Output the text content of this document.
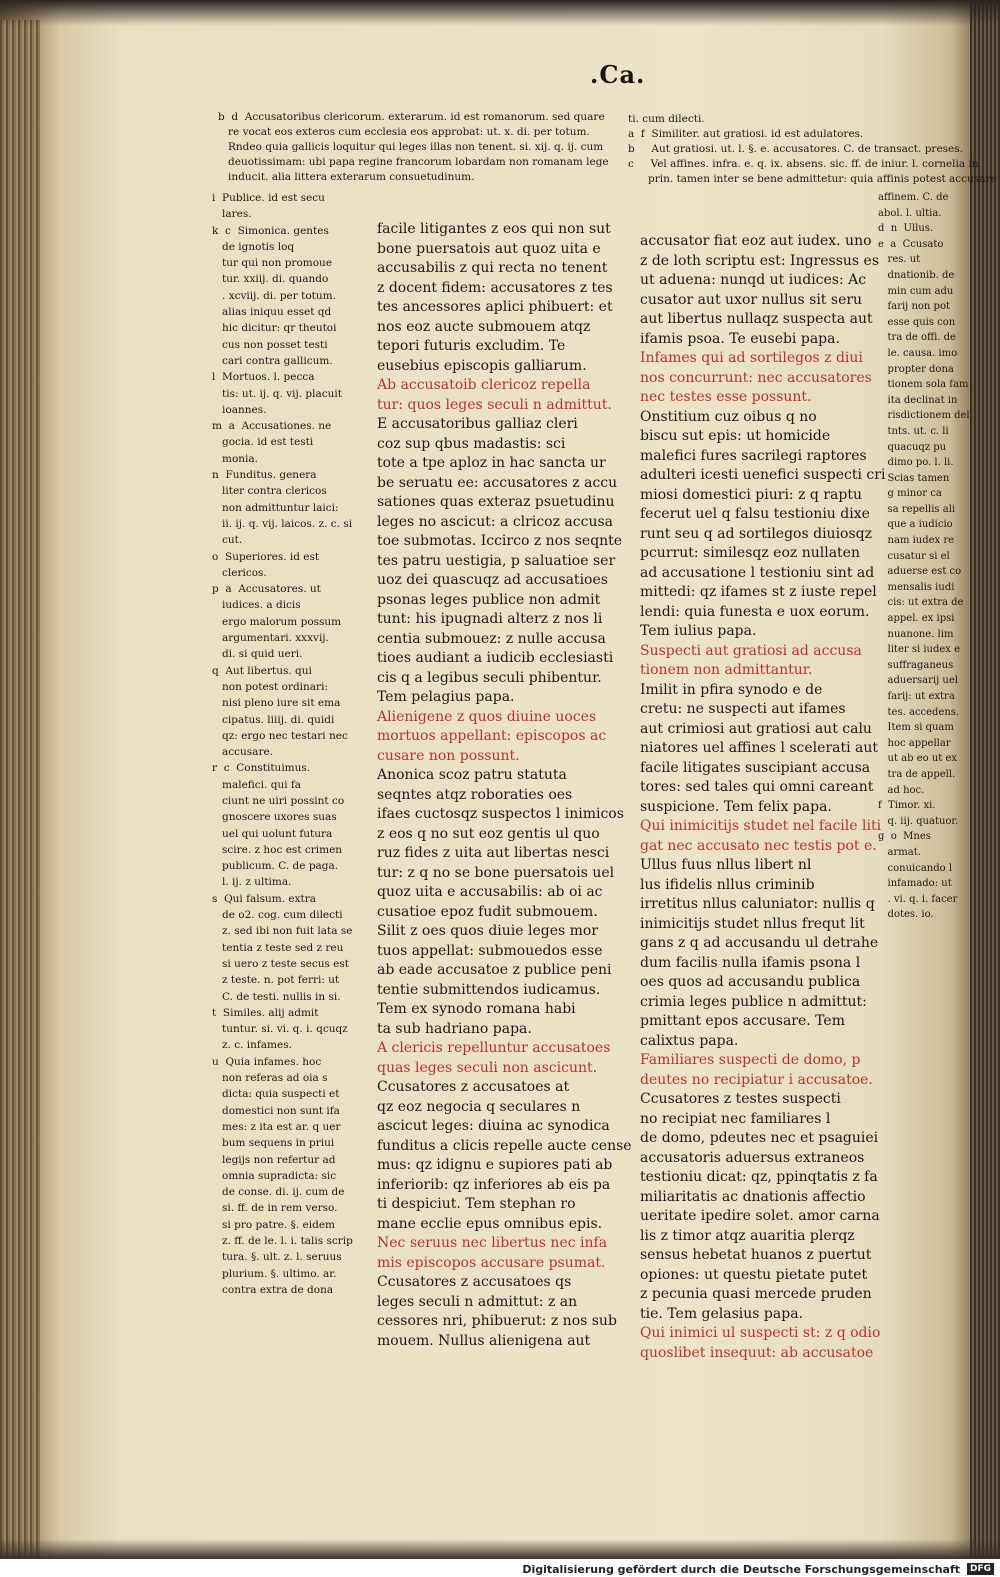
.Ca.
b  d  Accusatoribus clericorum. exterarum. id est romanorum. sed quare
re vocat eos exteros cum ecclesia eos approbat: ut. x. di. per totum.
Rndeo quia gallicis loquitur qui leges illas non tenent. si. xij. q. ij. cum
deuotissimam: ubi papa regine francorum lobardam non romanam lege
inducit. alia littera exterarum consuetudinum.
ti. cum dilecti.
a  f  Similiter. aut gratiosi. id est adulatores.
b     Aut gratiosi. ut. l. §. e. accusatores. C. de transact. preses.
c     Vel affines. infra. e. q. ix. absens. sic. ff. de iniur. l. cornelia in
prin. tamen inter se bene admittetur: quia affinis potest accusare
i  Publice. id est secu
lares.
k  c  Simonica. gentes
de ignotis loq
tur qui non promoue
tur. xxiij. di. quando
. xcviij. di. per totum.
alias iniquu esset qd
hic dicitur: qr theutoi
cus non posset testi
cari contra gallicum.
l  Mortuos. l. pecca
tis: ut. ij. q. vij. placuit
ioannes.
m  a  Accusationes. ne
gocia. id est testi
monia.
n  Funditus. genera
liter contra clericos
non admittuntur laici:
ii. ij. q. vij. laicos. z. c. si
cut.
o  Superiores. id est
clericos.
p  a  Accusatores. ut
iudices. a dicis
ergo malorum possum
argumentari. xxxvij.
di. si quid ueri.
q  Aut libertus. qui
non potest ordinari:
nisi pleno iure sit ema
cipatus. liiij. di. quidi
qz: ergo nec testari nec
accusare.
r  c  Constituimus.
malefici. qui fa
ciunt ne uiri possint co
gnoscere uxores suas
uel qui uolunt futura
scire. z hoc est crimen
publicum. C. de paga.
l. ij. z ultima.
s  Qui falsum. extra
de o2. cog. cum dilecti
z. sed ibi non fuit lata se
tentia z teste sed z reu
si uero z teste secus est
z teste. n. pot ferri: ut
C. de testi. nullis in si.
t  Similes. alij admit
tuntur. si. vi. q. i. qcuqz
z. c. infames.
u  Quia infames. hoc
non referas ad oia s
dicta: quia suspecti et
domestici non sunt ifa
mes: z ita est ar. q uer
bum sequens in priui
legijs non refertur ad
omnia supradicta: sic
de conse. di. ij. cum de
si. ff. de in rem verso.
si pro patre. §. eidem
z. ff. de le. l. i. talis scrip
tura. §. ult. z. l. seruus
plurium. §. ultimo. ar.
contra extra de dona
facile litigantes z eos qui non sut
bone puersatois aut quoz uita e
accusabilis z qui recta no tenent
z docent fidem: accusatores z tes
tes ancessores aplici phibuert: et
nos eoz aucte submouem atqz
tepori futuris excludim. Te
eusebius episcopis galliarum.
Ab accusatoib clericoz repella
tur: quos leges seculi n admittut.
E accusatoribus galliaz cleri
coz sup qbus madastis: sci
tote a tpe aploz in hac sancta ur
be seruatu ee: accusatores z accu
sationes quas exteraz psuetudinu
leges no ascicut: a clricoz accusa
toe submotas. Iccirco z nos seqnte
tes patru uestigia, p saluatioe ser
uoz dei quascuqz ad accusatioes
psonas leges publice non admit
tunt: his ipugnadi alterz z nos li
centia submouez: z nulle accusa
tioes audiant a iudicib ecclesiasti
cis q a legibus seculi phibentur.
Tem pelagius papa.
Alienigene z quos diuine uoces
mortuos appellant: episcopos ac
cusare non possunt.
Anonica scoz patru statuta
seqntes atqz roboraties oes
ifaes cuctosqz suspectos l inimicos
z eos q no sut eoz gentis ul quo
ruz fides z uita aut libertas nesci
tur: z q no se bone puersatois uel
quoz uita e accusabilis: ab oi ac
cusatioe epoz fudit submouem.
Silit z oes quos diuie leges mor
tuos appellat: submouedos esse
ab eade accusatoe z publice peni
tentie submittendos iudicamus.
Tem ex synodo romana habi
ta sub hadriano papa.
A clericis repelluntur accusatoes
quas leges seculi non ascicunt.
Ccusatores z accusatoes at
qz eoz negocia q seculares n
ascicut leges: diuina ac synodica
funditus a clicis repelle aucte cense
mus: qz idignu e supiores pati ab
inferiorib: qz inferiores ab eis pa
ti despiciut. Tem stephan ro
mane ecclie epus omnibus epis.
Nec seruus nec libertus nec infa
mis episcopos accusare psumat.
Ccusatores z accusatoes qs
leges seculi n admittut: z an
cessores nri, phibuerut: z nos sub
mouem. Nullus alienigena aut
accusator fiat eoz aut iudex. uno
z de loth scriptu est: Ingressus es
ut aduena: nunqd ut iudices: Ac
cusator aut uxor nullus sit seru
aut libertus nullaqz suspecta aut
ifamis psoa. Te eusebi papa.
Infames qui ad sortilegos z diui
nos concurrunt: nec accusatores
nec testes esse possunt.
Onstitium cuz oibus q no
biscu sut epis: ut homicide
malefici fures sacrilegi raptores
adulteri icesti uenefici suspecti cri
miosi domestici piuri: z q raptu
fecerut uel q falsu testioniu dixe
runt seu q ad sortilegos diuiosqz
pcurrut: similesqz eoz nullaten
ad accusatione l testioniu sint ad
mittedi: qz ifames st z iuste repel
lendi: quia funesta e uox eorum.
Tem iulius papa.
Suspecti aut gratiosi ad accusa
tionem non admittantur.
Imilit in pfira synodo e de
cretu: ne suspecti aut ifames
aut crimiosi aut gratiosi aut calu
niatores uel affines l scelerati aut
facile litigates suscipiant accusa
tores: sed tales qui omni careant
suspicione. Tem felix papa.
Qui inimicitijs studet nel facile liti
gat nec accusato nec testis pot e.
Ullus fuus nllus libert nl
lus ifidelis nllus criminib
irretitus nllus caluniator: nullis q
inimicitijs studet nllus frequt lit
gans z q ad accusandu ul detrahe
dum facilis nulla ifamis psona l
oes quos ad accusandu publica
crimia leges publice n admittut:
pmittant epos accusare. Tem
calixtus papa.
Familiares suspecti de domo, p
deutes no recipiatur i accusatoe.
Ccusatores z testes suspecti
no recipiat nec familiares l
de domo, pdeutes nec et psaguiei
accusatoris aduersus extraneos
testioniu dicat: qz, ppinqtatis z fa
miliaritatis ac dnationis affectio
ueritate ipedire solet. amor carna
lis z timor atqz auaritia plerqz
sensus hebetat huanos z puertut
opiones: ut questu pietate putet
z pecunia quasi mercede pruden
tie. Tem gelasius papa.
Qui inimici ul suspecti st: z q odio
quoslibet insequut: ab accusatoe
affinem. C. de
abol. l. ultia.
d  n  Ullus.
e  a  Ccusato
res. ut
dnationib. de
min cum adu
farij non pot
esse quis con
tra de offi. de
le. causa. imo
propter dona
tionem sola fam
ita declinat in
risdictionem del
tnts. ut. c. li
quacuqz pu
dimo po. l. li.
Scias tamen
g minor ca
sa repellis ali
que a iudicio
nam iudex re
cusatur si el
aduerse est co
mensalis iudi
cis: ut extra de
appel. ex ipsi
nuanone. lim
liter si iudex e
suffraganeus
aduersarij uel
farij: ut extra
tes. accedens.
Item si quam
hoc appellar
ut ab eo ut ex
tra de appell.
ad hoc.
f  Timor. xi.
q. iij. quatuor.
g  o  Mnes
armat.
conuicando l
infamado: ut
. vi. q. i. facer
dotes. io.
Digitalisierung gefördert durch die Deutsche Forschungsgemeinschaft	DFG
